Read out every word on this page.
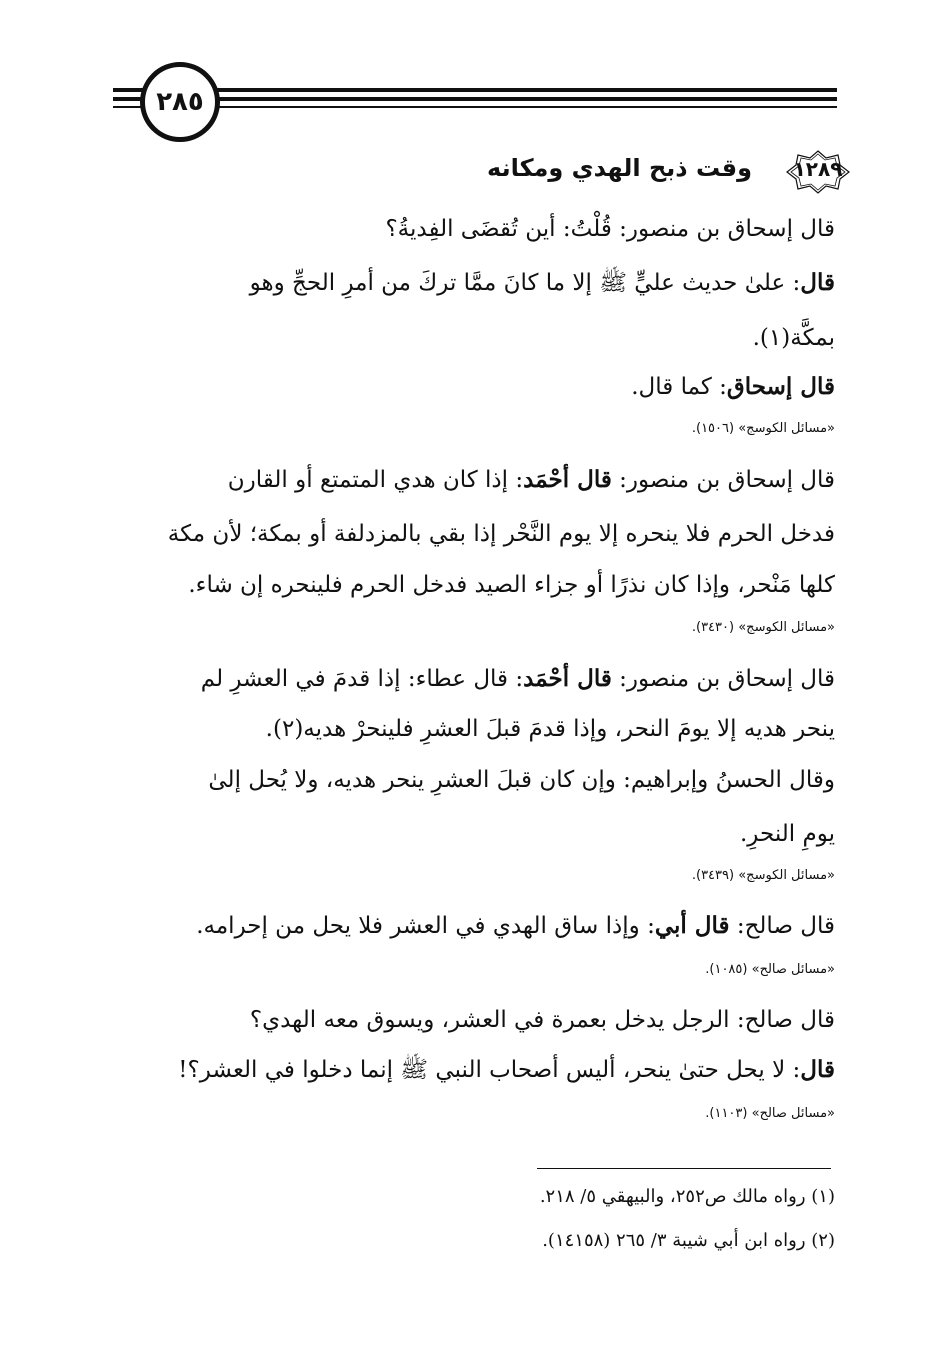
٢٨٥
١٢٨٩
وقت ذبح الهدي ومكانه
قال إسحاق بن منصور: قُلْتُ: أين تُقضَى الفِديةُ؟
قال: علىٰ حديث عليٍّ ﷺ إلا ما كانَ ممَّا تركَ من أمرِ الحجِّ وهو
بمكَّة(١).
قال إسحاق: كما قال.
«مسائل الكوسج» (١٥٠٦).
قال إسحاق بن منصور: قال أحْمَد: إذا كان هدي المتمتع أو القارن
فدخل الحرم فلا ينحره إلا يوم النَّحْر إذا بقي بالمزدلفة أو بمكة؛ لأن مكة
كلها مَنْحر، وإذا كان نذرًا أو جزاء الصيد فدخل الحرم فلينحره إن شاء.
«مسائل الكوسج» (٣٤٣٠).
قال إسحاق بن منصور: قال أحْمَد: قال عطاء: إذا قدمَ في العشرِ لم
ينحر هديه إلا يومَ النحر، وإذا قدمَ قبلَ العشرِ فلينحرْ هديه(٢).
وقال الحسنُ وإبراهيم: وإن كان قبلَ العشرِ ينحر هديه، ولا يُحل إلىٰ
يومِ النحرِ.
«مسائل الكوسج» (٣٤٣٩).
قال صالح: قال أبي: وإذا ساق الهدي في العشر فلا يحل من إحرامه.
«مسائل صالح» (١٠٨٥).
قال صالح: الرجل يدخل بعمرة في العشر، ويسوق معه الهدي؟
قال: لا يحل حتىٰ ينحر، أليس أصحاب النبي ﷺ إنما دخلوا في العشر؟!
«مسائل صالح» (١١٠٣).
(١) رواه مالك ص٢٥٢، والبيهقي ٥/ ٢١٨.
(٢) رواه ابن أبي شيبة ٣/ ٢٦٥ (١٤١٥٨).
